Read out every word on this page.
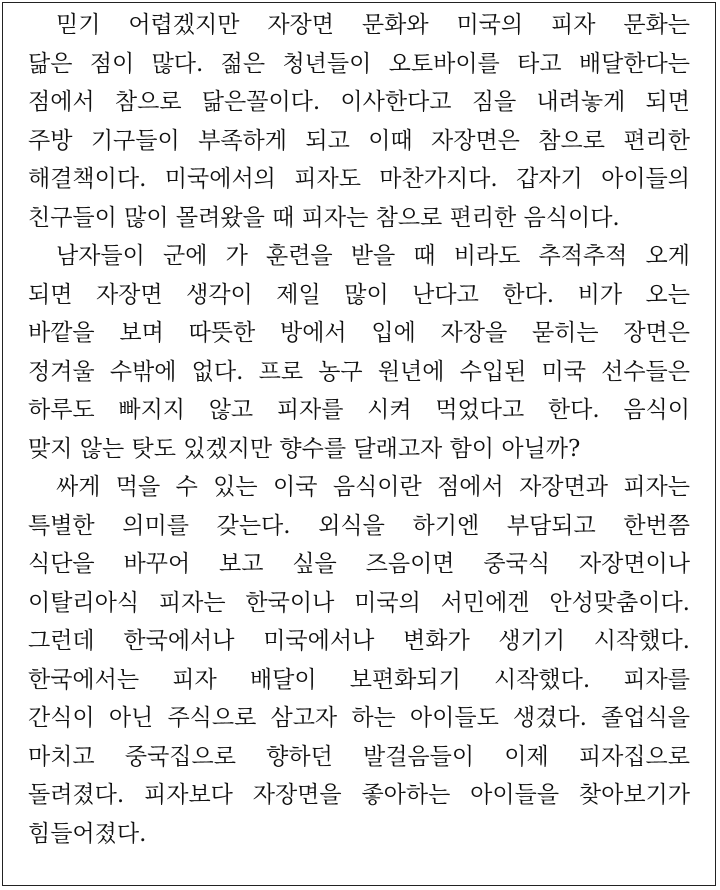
믿기 어렵겠지만 자장면 문화와 미국의 피자 문화는
닮은 점이 많다. 젊은 청년들이 오토바이를 타고 배달한다는
점에서 참으로 닮은꼴이다. 이사한다고 짐을 내려놓게 되면
주방 기구들이 부족하게 되고 이때 자장면은 참으로 편리한
해결책이다. 미국에서의 피자도 마찬가지다. 갑자기 아이들의
친구들이 많이 몰려왔을 때 피자는 참으로 편리한 음식이다.
남자들이 군에 가 훈련을 받을 때 비라도 추적추적 오게
되면 자장면 생각이 제일 많이 난다고 한다. 비가 오는
바깥을 보며 따뜻한 방에서 입에 자장을 묻히는 장면은
정겨울 수밖에 없다. 프로 농구 원년에 수입된 미국 선수들은
하루도 빠지지 않고 피자를 시켜 먹었다고 한다. 음식이
맞지 않는 탓도 있겠지만 향수를 달래고자 함이 아닐까?
싸게 먹을 수 있는 이국 음식이란 점에서 자장면과 피자는
특별한 의미를 갖는다. 외식을 하기엔 부담되고 한번쯤
식단을 바꾸어 보고 싶을 즈음이면 중국식 자장면이나
이탈리아식 피자는 한국이나 미국의 서민에겐 안성맞춤이다.
그런데 한국에서나 미국에서나 변화가 생기기 시작했다.
한국에서는 피자 배달이 보편화되기 시작했다. 피자를
간식이 아닌 주식으로 삼고자 하는 아이들도 생겼다. 졸업식을
마치고 중국집으로 향하던 발걸음들이 이제 피자집으로
돌려졌다. 피자보다 자장면을 좋아하는 아이들을 찾아보기가
힘들어졌다.
